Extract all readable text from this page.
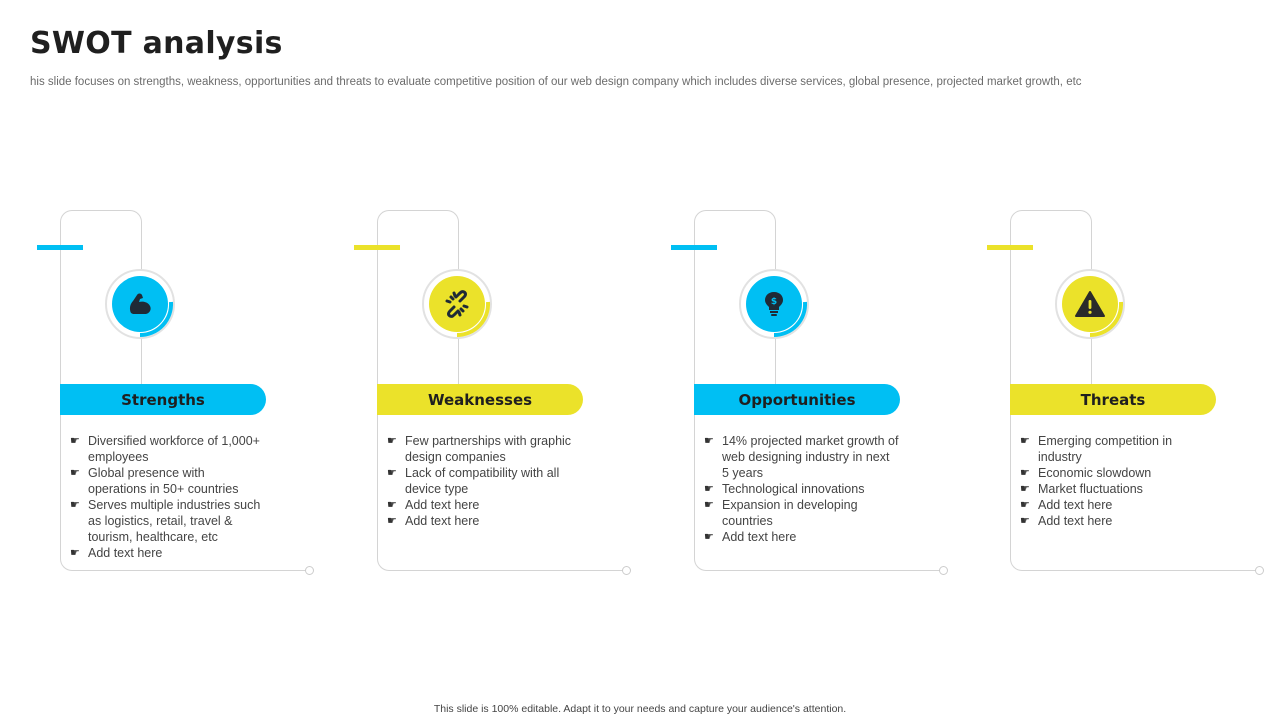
SWOT analysis
his slide focuses on strengths, weakness, opportunities and threats to evaluate competitive position of our web design company which includes diverse services, global presence, projected market growth, etc
Strengths
☛ Diversified workforce of 1,000+ employees
☛ Global presence with operations in 50+ countries
☛ Serves multiple industries such as logistics, retail, travel & tourism, healthcare, etc
☛ Add text here
Weaknesses
☛ Few partnerships with graphic design companies
☛ Lack of compatibility with all device type
☛ Add text here
☛ Add text here
$
Opportunities
☛ 14% projected market growth of web designing industry in next 5 years
☛ Technological innovations
☛ Expansion in developing countries
☛ Add text here
Threats
☛ Emerging competition in industry
☛ Economic slowdown
☛ Market fluctuations
☛ Add text here
☛ Add text here
This slide is 100% editable. Adapt it to your needs and capture your audience's attention.
